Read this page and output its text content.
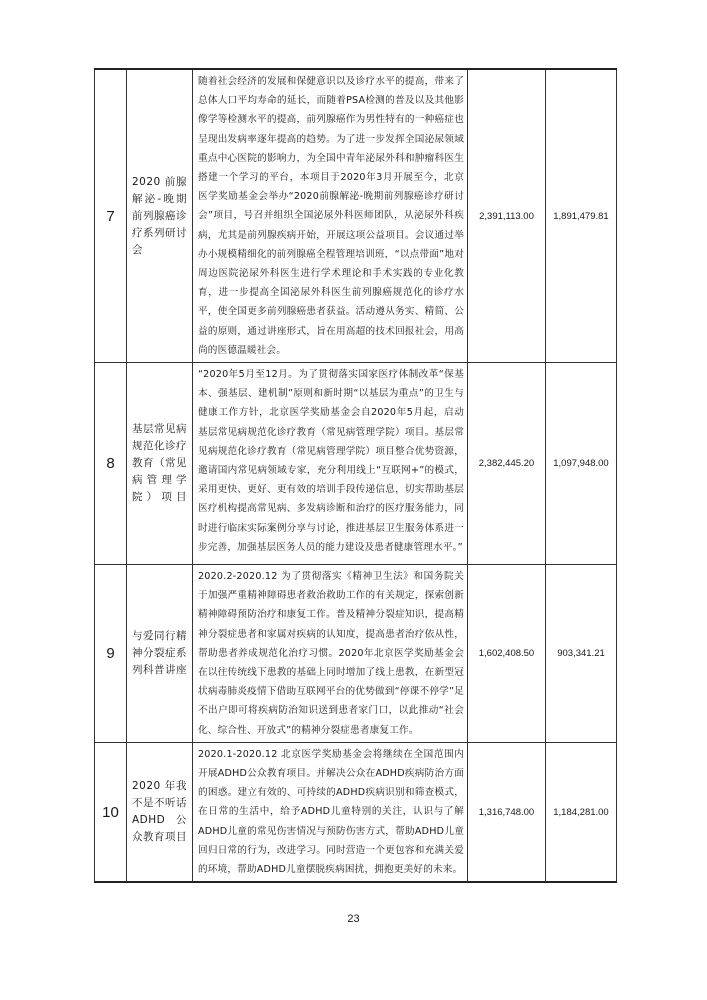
7	2020 前腺解泌-晚期前列腺癌诊疗系列研讨会	随着社会经济的发展和保健意识以及诊疗水平的提高，带来了总体人口平均寿命的延长，而随着PSA检测的普及以及其他影像学等检测水平的提高，前列腺癌作为男性特有的一种癌症也呈现出发病率逐年提高的趋势。为了进一步发挥全国泌尿领域重点中心医院的影响力，为全国中青年泌尿外科和肿瘤科医生搭建一个学习的平台，本项目于2020年3月开展至今，北京医学奖励基金会举办“2020前腺解泌-晚期前列腺癌诊疗研讨会”项目，号召并组织全国泌尿外科医师团队，从泌尿外科疾病，尤其是前列腺疾病开始，开展这项公益项目。会议通过举办小规模精细化的前列腺癌全程管理培训班，“以点带面”地对周边医院泌尿外科医生进行学术理论和手术实践的专业化教育，进一步提高全国泌尿外科医生前列腺癌规范化的诊疗水平，使全国更多前列腺癌患者获益。活动遵从务实、精简、公益的原则，通过讲座形式，旨在用高超的技术回报社会，用高尚的医德温暖社会。	2,391,113.00	1,891,479.81
8	基层常见病规范化诊疗教育（常见病管理学院）项目	“2020年5月至12月。为了贯彻落实国家医疗体制改革“保基本、强基层、建机制”原则和新时期“以基层为重点”的卫生与健康工作方针，北京医学奖励基金会自2020年5月起，启动基层常见病规范化诊疗教育（常见病管理学院）项目。基层常见病规范化诊疗教育（常见病管理学院）项目整合优势资源，邀请国内常见病领域专家，充分利用线上“互联网+”的模式，采用更快、更好、更有效的培训手段传递信息，切实帮助基层医疗机构提高常见病、多发病诊断和治疗的医疗服务能力，同时进行临床实际案例分享与讨论，推进基层卫生服务体系进一步完善，加强基层医务人员的能力建设及患者健康管理水平。”	2,382,445.20	1,097,948.00
9	与爱同行精神分裂症系列科普讲座	2020.2-2020.12 为了贯彻落实《精神卫生法》和国务院关于加强严重精神障碍患者救治救助工作的有关规定，探索创新精神障碍预防治疗和康复工作。普及精神分裂症知识，提高精神分裂症患者和家属对疾病的认知度，提高患者治疗依从性，帮助患者养成规范化治疗习惯。2020年北京医学奖励基金会在以往传统线下患教的基础上同时增加了线上患教，在新型冠状病毒肺炎疫情下借助互联网平台的优势做到“停课不停学”足不出户即可将疾病防治知识送到患者家门口，以此推动“社会化、综合性、开放式”的精神分裂症患者康复工作。	1,602,408.50	903,341.21
10	2020 年我不是不听话ADHD公众教育项目	2020.1-2020.12 北京医学奖励基金会将继续在全国范围内开展ADHD公众教育项目。并解决公众在ADHD疾病防治方面的困惑。建立有效的、可持续的ADHD疾病识别和筛查模式，在日常的生活中，给予ADHD儿童特别的关注，认识与了解ADHD儿童的常见伤害情况与预防伤害方式，帮助ADHD儿童回归日常的行为，改进学习。同时营造一个更包容和充满关爱的环境，帮助ADHD儿童摆脱疾病困扰，拥抱更美好的未来。	1,316,748.00	1,184,281.00
23
